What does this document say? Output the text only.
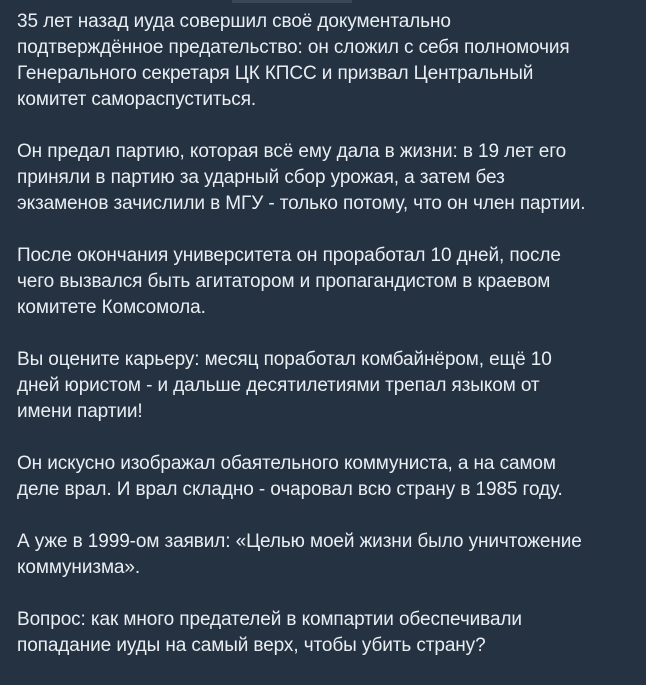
35 лет назад иуда совершил своё документально
подтверждённое предательство: он сложил с себя полномочия
Генерального секретаря ЦК КПСС и призвал Центральный
комитет самораспуститься.

Он предал партию, которая всё ему дала в жизни: в 19 лет его
приняли в партию за ударный сбор урожая, а затем без
экзаменов зачислили в МГУ - только потому, что он член партии.

После окончания университета он проработал 10 дней, после
чего вызвался быть агитатором и пропагандистом в краевом
комитете Комсомола.

Вы оцените карьеру: месяц поработал комбайнёром, ещё 10
дней юристом - и дальше десятилетиями трепал языком от
имени партии!

Он искусно изображал обаятельного коммуниста, а на самом
деле врал. И врал складно - очаровал всю страну в 1985 году.

А уже в 1999-ом заявил: «Целью моей жизни было уничтожение
коммунизма».

Вопрос: как много предателей в компартии обеспечивали
попадание иуды на самый верх, чтобы убить страну?
